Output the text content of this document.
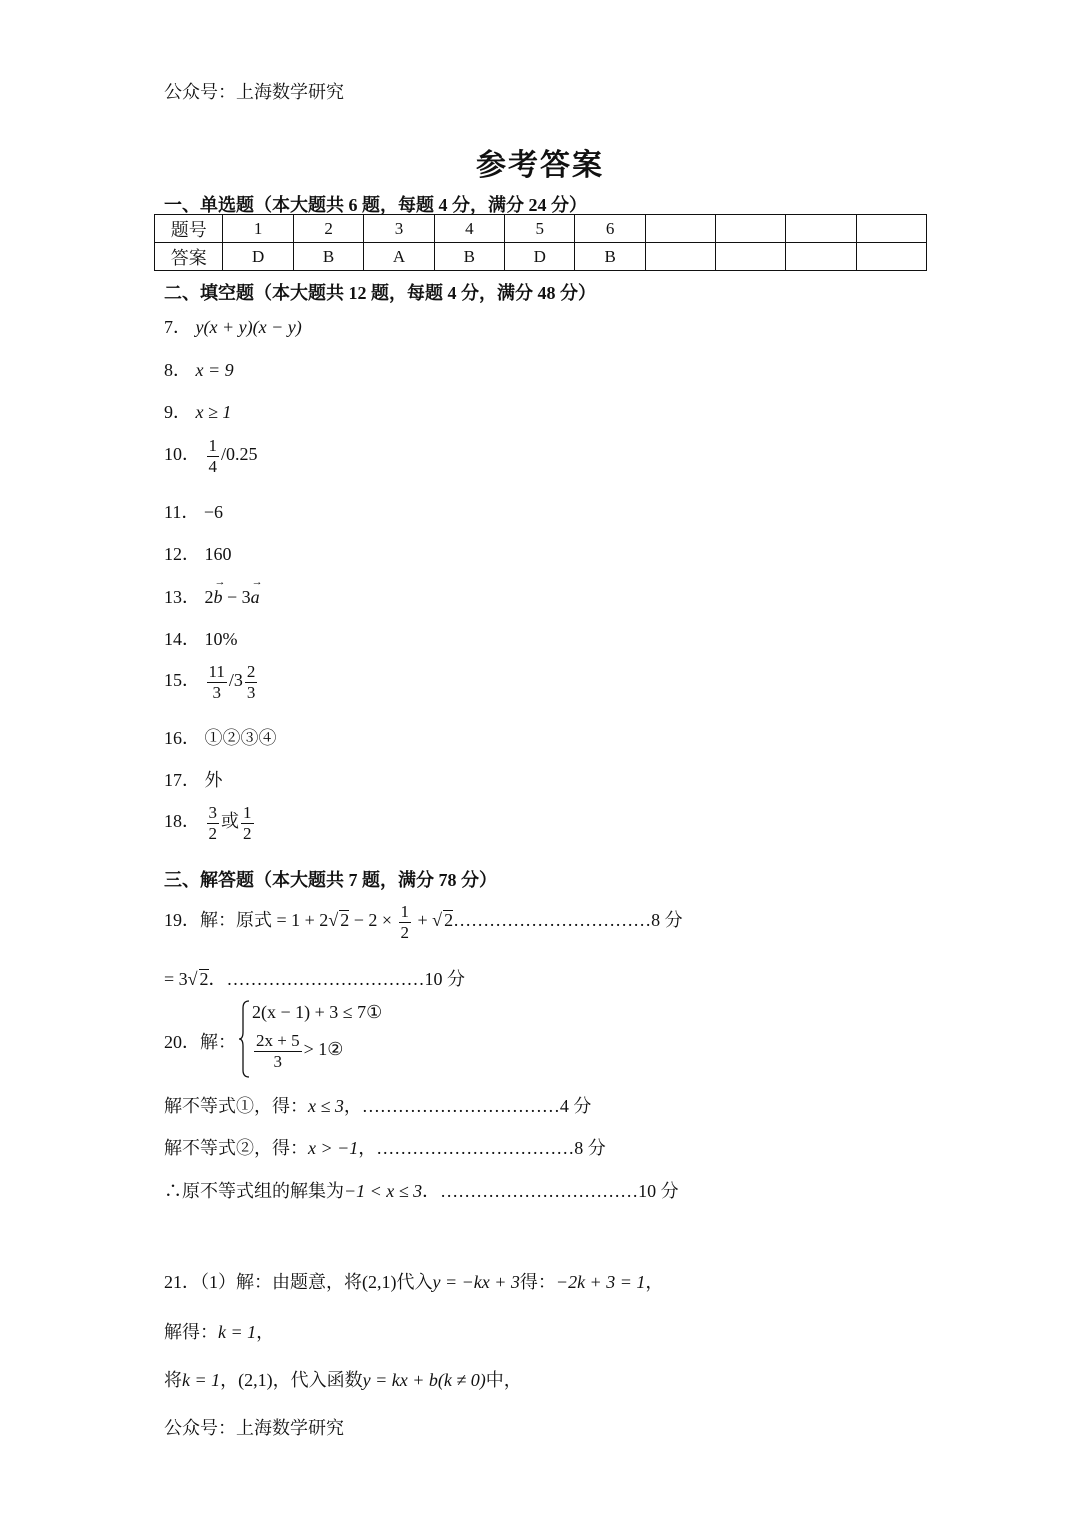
公众号：上海数学研究
参考答案
一、单选题（本大题共 6 题，每题 4 分，满分 24 分）
题号	1	2	3	4	5	6				
答案	D	B	A	B	D	B				
二、填空题（本大题共 12 题，每题 4 分，满分 48 分）
7． y(x + y)(x − y)
8． x = 9
9． x ≥ 1
10． $\frac{1}{4} /0.25$
11． −6
12． 160
13． 2→ b − 3→ a
14． 10%
15． $\frac{11}{3} /3 \frac{2}{3}$
16． ①②③④
17． 外
18． $\frac{3}{2}$ 或 $\frac{1}{2}$
三、解答题（本大题共 7 题，满分 78 分）
19．解：原式 = 1 + 2√ $2 - 2 \times \frac{1}{2}$ + √ 2……………………………8 分
= 3√ 2．……………………………10 分
20．解：
2(x − 1) + 3 ≤ 7①
$\frac{2x + 5}{3}$ > 1②
解不等式①，得：x ≤ 3，……………………………4 分
解不等式②，得：x > −1，……………………………8 分
∴原不等式组的解集为−1 < x ≤ 3．……………………………10 分
21．（1）解：由题意，将(2,1)代入y = −kx + 3得：−2k + 3 = 1，
解得：k = 1，
将k = 1，(2,1)，代入函数y = kx + b(k ≠ 0)中，
公众号：上海数学研究
